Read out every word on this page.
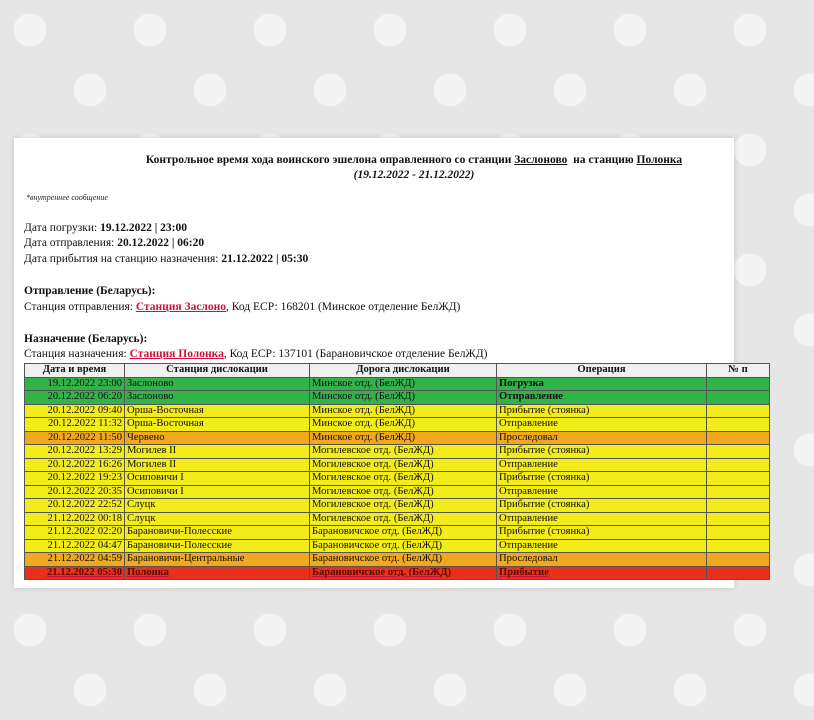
Контрольное время хода воинского эшелона оправленного со станции Заслоново  на станцию Полонка
(19.12.2022 - 21.12.2022)
*внутреннее сообщение
Дата погрузки: 19.12.2022 | 23:00
Дата отправления: 20.12.2022 | 06:20
Дата прибытия на станцию назначения: 21.12.2022 | 05:30
Отправление (Беларусь):
Станция отправления: Станция Заслоно, Код ЕСР: 168201 (Минское отделение БелЖД)
Назначение (Беларусь):
Станция назначения: Станция Полонка, Код ЕСР: 137101 (Барановичское отделение БелЖД)
Дата и время	Станция дислокации	Дорога дислокации	Операция	№ п
19.12.2022 23:00	Заслоново	Минское отд. (БелЖД)	Погрузка	
20.12.2022 06:20	Заслоново	Минское отд. (БелЖД)	Отправление	
20.12.2022 09:40	Орша-Восточная	Минское отд. (БелЖД)	Прибытие (стоянка)	
20.12.2022 11:32	Орша-Восточная	Минское отд. (БелЖД)	Отправление	
20.12.2022 11:50	Червено	Минское отд. (БелЖД)	Проследовал	
20.12.2022 13:29	Могилев II	Могилевское отд. (БелЖД)	Прибытие (стоянка)	
20.12.2022 16:26	Могилев II	Могилевское отд. (БелЖД)	Отправление	
20.12.2022 19:23	Осиповичи I	Могилевское отд. (БелЖД)	Прибытие (стоянка)	
20.12.2022 20:35	Осиповичи I	Могилевское отд. (БелЖД)	Отправление	
20.12.2022 22:52	Слуцк	Могилевское отд. (БелЖД)	Прибытие (стоянка)	
21.12.2022 00:18	Слуцк	Могилевское отд. (БелЖД)	Отправление	
21.12.2022 02:20	Барановичи-Полесские	Барановичское отд. (БелЖД)	Прибытие (стоянка)	
21.12.2022 04:47	Барановичи-Полесские	Барановичское отд. (БелЖД)	Отправление	
21.12.2022 04:59	Барановичи-Центральные	Барановичское отд. (БелЖД)	Проследовал	
21.12.2022 05:30	Полонка	Барановичское отд. (БелЖД)	Прибытие	
